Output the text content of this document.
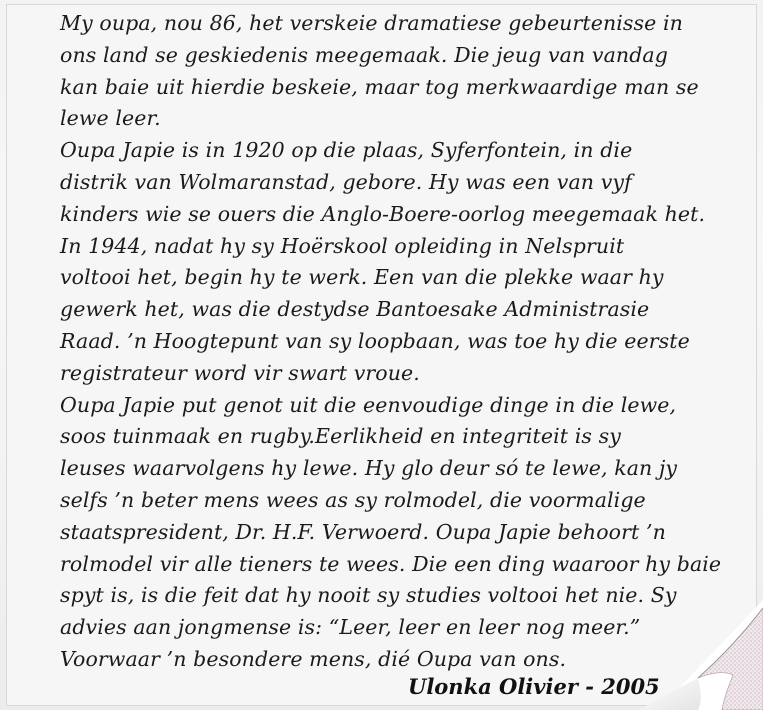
My oupa, nou 86, het verskeie dramatiese gebeurtenisse in
ons land se geskiedenis meegemaak. Die jeug van vandag
kan baie uit hierdie beskeie, maar tog merkwaardige man se
lewe leer.
Oupa Japie is in 1920 op die plaas, Syferfontein, in die
distrik van Wolmaranstad, gebore. Hy was een van vyf
kinders wie se ouers die Anglo-Boere-oorlog meegemaak het.
In 1944, nadat hy sy Hoërskool opleiding in Nelspruit
voltooi het, begin hy te werk. Een van die plekke waar hy
gewerk het, was die destydse Bantoesake Administrasie
Raad. ’n Hoogtepunt van sy loopbaan, was toe hy die eerste
registrateur word vir swart vroue.
Oupa Japie put genot uit die eenvoudige dinge in die lewe,
soos tuinmaak en rugby.Eerlikheid en integriteit is sy
leuses waarvolgens hy lewe. Hy glo deur só te lewe, kan jy
selfs ’n beter mens wees as sy rolmodel, die voormalige
staatspresident, Dr. H.F. Verwoerd. Oupa Japie behoort ’n
rolmodel vir alle tieners te wees. Die een ding waaroor hy baie
spyt is, is die feit dat hy nooit sy studies voltooi het nie. Sy
advies aan jongmense is: “Leer, leer en leer nog meer.”
Voorwaar ’n besondere mens, dié Oupa van ons.
Ulonka Olivier - 2005
